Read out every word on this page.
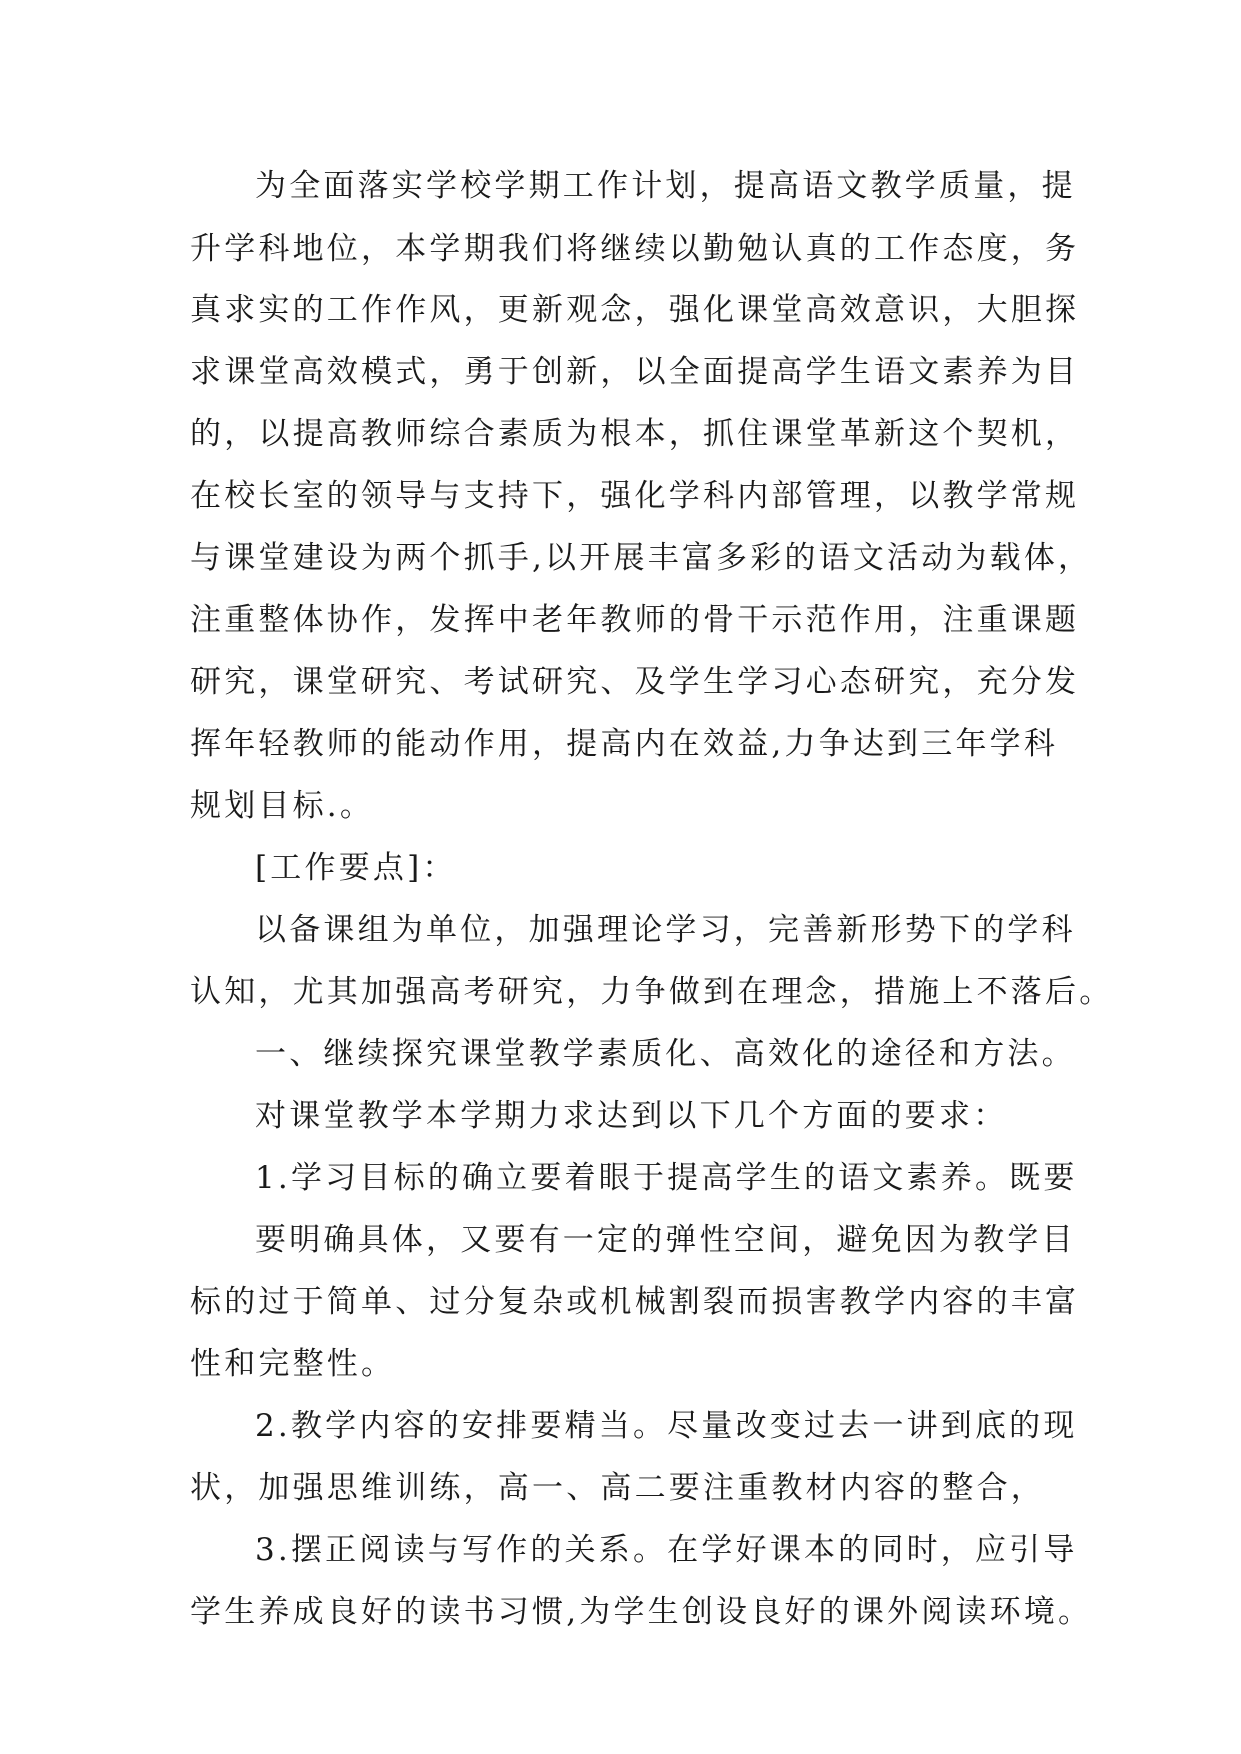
为全面落实学校学期工作计划，提高语文教学质量，提

升学科地位，本学期我们将继续以勤勉认真的工作态度，务

真求实的工作作风，更新观念，强化课堂高效意识，大胆探

求课堂高效模式，勇于创新，以全面提高学生语文素养为目

的，以提高教师综合素质为根本，抓住课堂革新这个契机，

在校长室的领导与支持下，强化学科内部管理，以教学常规

与课堂建设为两个抓手,以开展丰富多彩的语文活动为载体，

注重整体协作，发挥中老年教师的骨干示范作用，注重课题

研究，课堂研究、考试研究、及学生学习心态研究，充分发

挥年轻教师的能动作用，提高内在效益,力争达到三年学科

规划目标.。

[工作要点]：

以备课组为单位，加强理论学习，完善新形势下的学科

认知，尤其加强高考研究，力争做到在理念，措施上不落后。

一、继续探究课堂教学素质化、高效化的途径和方法。

对课堂教学本学期力求达到以下几个方面的要求：

1.学习目标的确立要着眼于提高学生的语文素养。既要

要明确具体，又要有一定的弹性空间，避免因为教学目

标的过于简单、过分复杂或机械割裂而损害教学内容的丰富

性和完整性。

2.教学内容的安排要精当。尽量改变过去一讲到底的现

状，加强思维训练，高一、高二要注重教材内容的整合，

3.摆正阅读与写作的关系。在学好课本的同时，应引导

学生养成良好的读书习惯,为学生创设良好的课外阅读环境。
